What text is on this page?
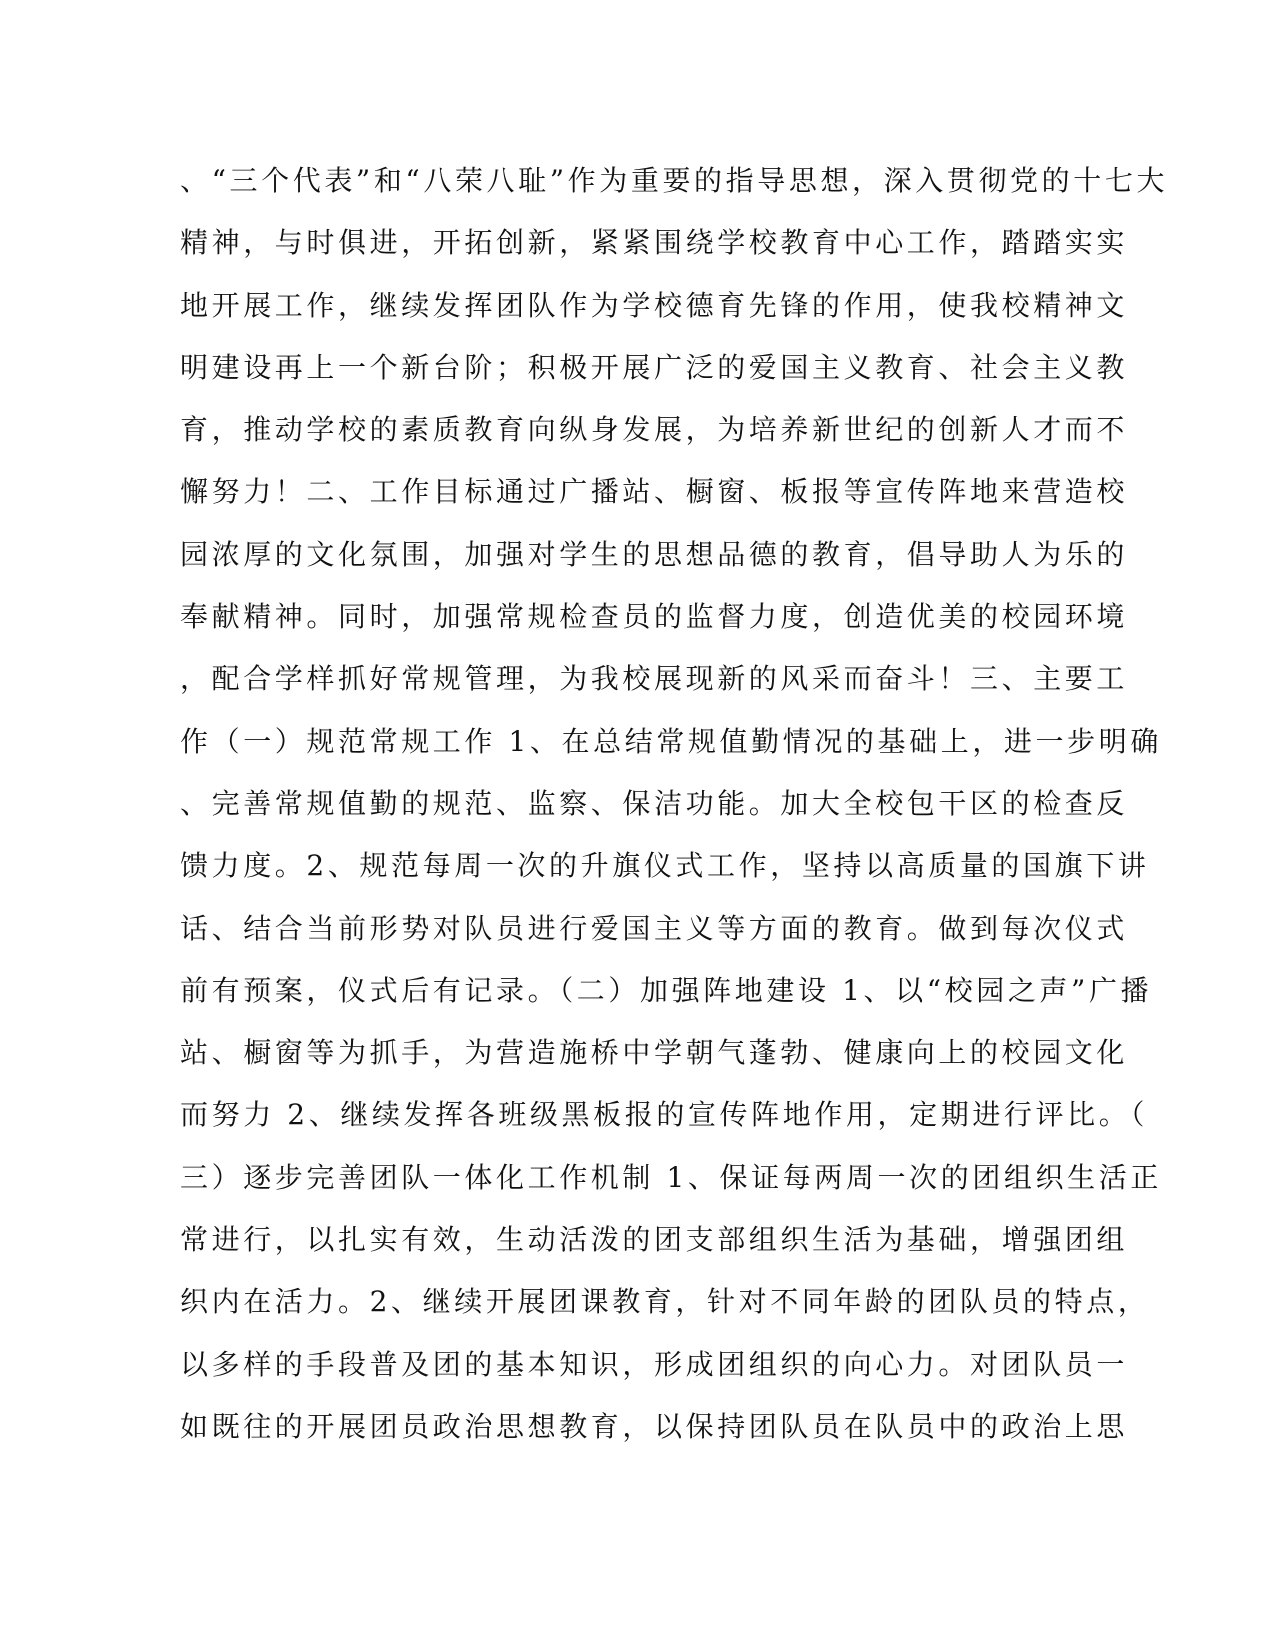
、“三个代表”和“八荣八耻”作为重要的指导思想，深入贯彻党的十七大
精神，与时俱进，开拓创新，紧紧围绕学校教育中心工作，踏踏实实
地开展工作，继续发挥团队作为学校德育先锋的作用，使我校精神文
明建设再上一个新台阶；积极开展广泛的爱国主义教育、社会主义教
育，推动学校的素质教育向纵身发展，为培养新世纪的创新人才而不
懈努力！二、工作目标通过广播站、橱窗、板报等宣传阵地来营造校
园浓厚的文化氛围，加强对学生的思想品德的教育，倡导助人为乐的
奉献精神。同时，加强常规检查员的监督力度，创造优美的校园环境
，配合学样抓好常规管理，为我校展现新的风采而奋斗！三、主要工
作（一）规范常规工作 1、在总结常规值勤情况的基础上，进一步明确
、完善常规值勤的规范、监察、保洁功能。加大全校包干区的检查反
馈力度。2、规范每周一次的升旗仪式工作，坚持以高质量的国旗下讲
话、结合当前形势对队员进行爱国主义等方面的教育。做到每次仪式
前有预案，仪式后有记录。（二）加强阵地建设 1、以“校园之声”广播
站、橱窗等为抓手，为营造施桥中学朝气蓬勃、健康向上的校园文化
而努力 2、继续发挥各班级黑板报的宣传阵地作用，定期进行评比。（
三）逐步完善团队一体化工作机制 1、保证每两周一次的团组织生活正
常进行，以扎实有效，生动活泼的团支部组织生活为基础，增强团组
织内在活力。2、继续开展团课教育，针对不同年龄的团队员的特点，
以多样的手段普及团的基本知识，形成团组织的向心力。对团队员一
如既往的开展团员政治思想教育，以保持团队员在队员中的政治上思
